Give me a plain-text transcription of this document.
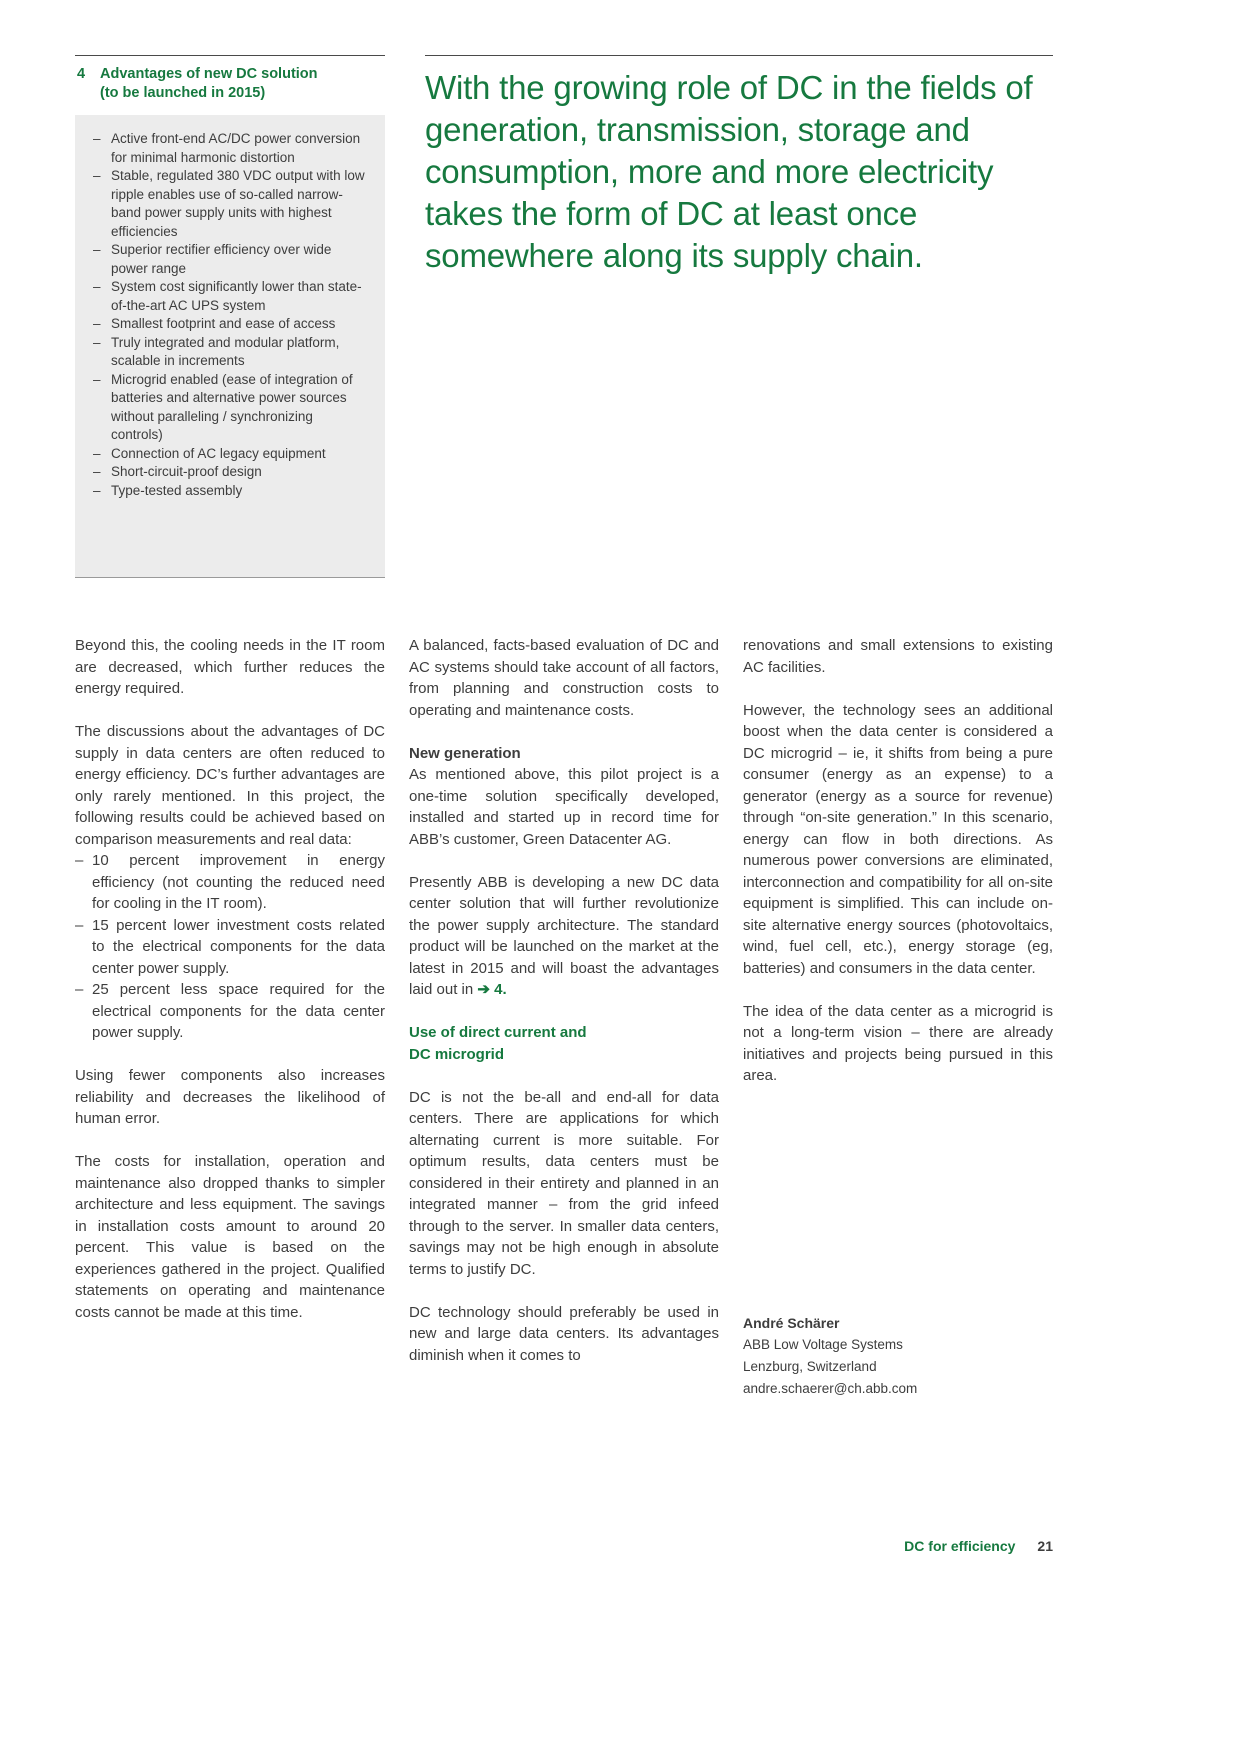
4 Advantages of new DC solution
(to be launched in 2015)
– Active front-end AC/DC power conversion for minimal harmonic distortion
– Stable, regulated 380 VDC output with low ripple enables use of so-called narrow-band power supply units with highest efficiencies
– Superior rectifier efficiency over wide power range
– System cost significantly lower than state-of-the-art AC UPS system
– Smallest footprint and ease of access
– Truly integrated and modular platform, scalable in increments
– Microgrid enabled (ease of integration of batteries and alternative power sources without paralleling / synchronizing controls)
– Connection of AC legacy equipment
– Short-circuit-proof design
– Type-tested assembly

With the growing role of DC in the fields of generation, transmission, storage and consumption, more and more electricity takes the form of DC at least once somewhere along its supply chain.

Beyond this, the cooling needs in the IT room are decreased, which further reduces the energy required.

The discussions about the advantages of DC supply in data centers are often reduced to energy efficiency. DC’s further advantages are only rarely mentioned. In this project, the following results could be achieved based on comparison measurements and real data:

– 10 percent improvement in energy efficiency (not counting the reduced need for cooling in the IT room).
– 15 percent lower investment costs related to the electrical components for the data center power supply.
– 25 percent less space required for the electrical components for the data center power supply.

Using fewer components also increases reliability and decreases the likelihood of human error.

The costs for installation, operation and maintenance also dropped thanks to simpler architecture and less equipment. The savings in installation costs amount to around 20 percent. This value is based on the experiences gathered in the project. Qualified statements on operating and maintenance costs cannot be made at this time.

A balanced, facts-based evaluation of DC and AC systems should take account of all factors, from planning and construction costs to operating and maintenance costs.

New generation

As mentioned above, this pilot project is a one-time solution specifically developed, installed and started up in record time for ABB’s customer, Green Datacenter AG.

Presently ABB is developing a new DC data center solution that will further revolutionize the power supply architecture. The standard product will be launched on the market at the latest in 2015 and will boast the advantages laid out in ➔ 4.

Use of direct current and
DC microgrid

DC is not the be-all and end-all for data centers. There are applications for which alternating current is more suitable. For optimum results, data centers must be considered in their entirety and planned in an integrated manner – from the grid infeed through to the server. In smaller data centers, savings may not be high enough in absolute terms to justify DC.

DC technology should preferably be used in new and large data centers. Its advantages diminish when it comes to

renovations and small extensions to existing AC facilities.

However, the technology sees an additional boost when the data center is considered a DC microgrid – ie, it shifts from being a pure consumer (energy as an expense) to a generator (energy as a source for revenue) through “on-site generation.” In this scenario, energy can flow in both directions. As numerous power conversions are eliminated, interconnection and compatibility for all on-site equipment is simplified. This can include on-site alternative energy sources (photovoltaics, wind, fuel cell, etc.), energy storage (eg, batteries) and consumers in the data center.

The idea of the data center as a microgrid is not a long-term vision – there are already initiatives and projects being pursued in this area.

André Schärer
ABB Low Voltage Systems
Lenzburg, Switzerland
andre.schaerer@ch.abb.com
DC for efficiency 21
